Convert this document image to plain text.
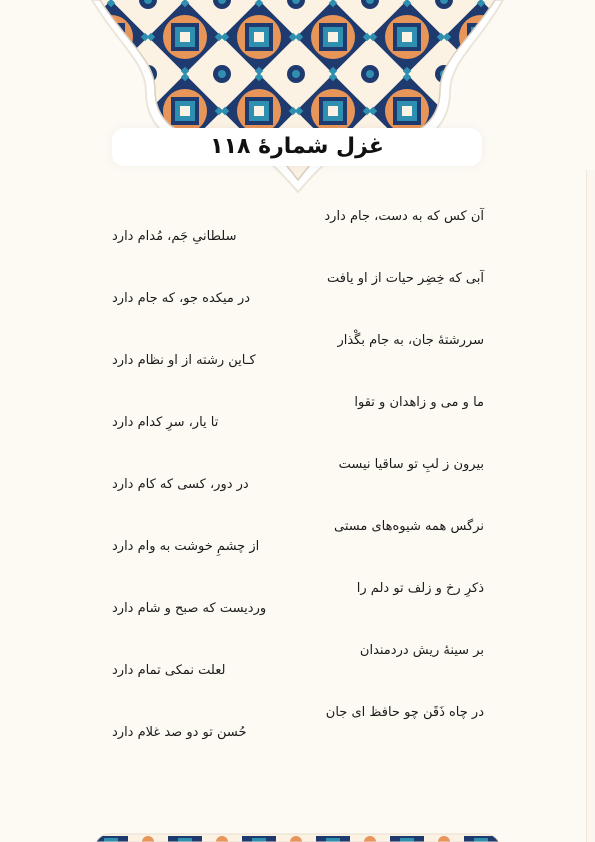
غزل شمارهٔ ۱۱۸
آن کس که به دست، جام دارد
سلطانیِ جَم، مُدام دارد
آبی که خِضِر حیات از او یافت
در میکده جو، که جام دارد
سررشتهٔ جان، به جام بگْذار
کـاین رشته از او نظام دارد
ما و می و زاهدان و تقوا
تا یار، سرِ کدام دارد
بیرون ز لبِ تو ساقیا نیست
در دور، کسی که کام دارد
نرگس همه شیوه‌های مستی
از چشمِ خوشت به وام دارد
ذکرِ رخ و زلف تو دلم را
وردیست که صبح و شام دارد
بر سینهٔ ریش دردمندان
لعلت نمکی تمام دارد
در چاه ذَقَن چو حافظ ای جان
حُسن تو دو صد غلام دارد
